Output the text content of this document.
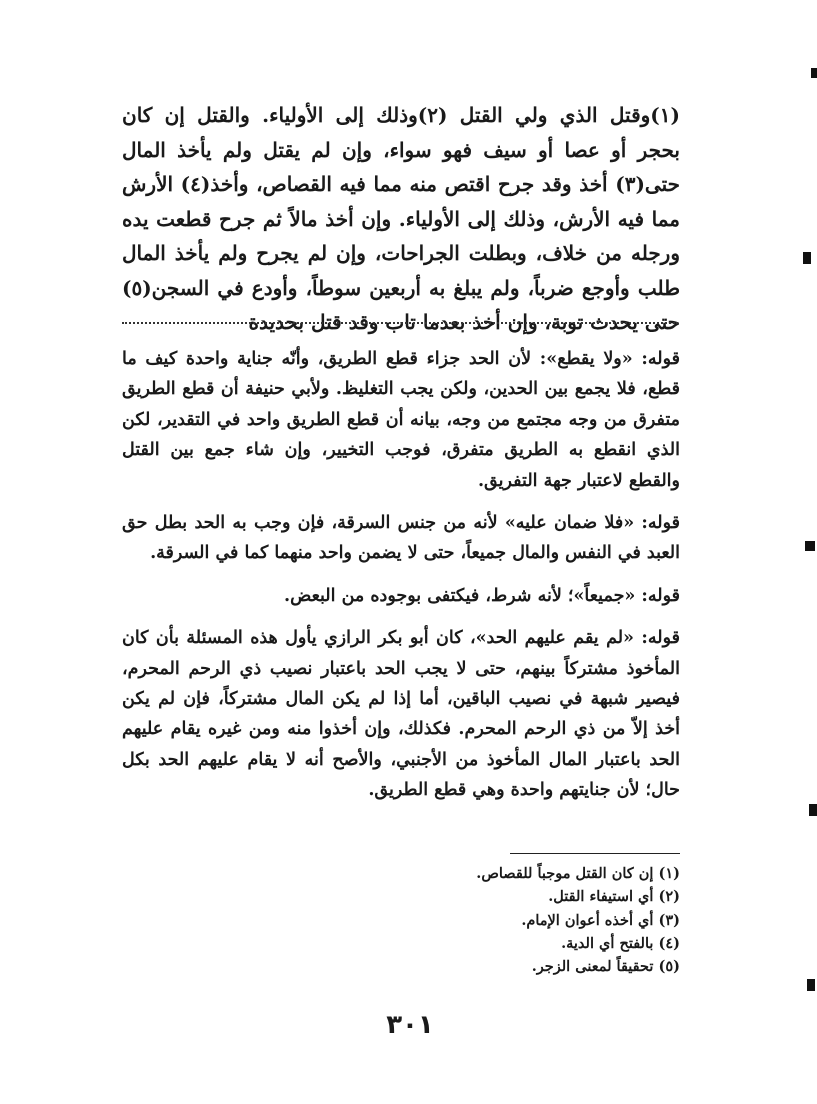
(١)وقتل الذي ولي القتل (٢)وذلك إلى الأولياء. والقتل إن كان بحجر أو عصا أو سيف فهو سواء، وإن لم يقتل ولم يأخذ المال حتى(٣) أخذ وقد جرح اقتص منه مما فيه القصاص، وأخذ(٤) الأرش مما فيه الأرش، وذلك إلى الأولياء. وإن أخذ مالاً ثم جرح قطعت يده ورجله من خلاف، وبطلت الجراحات، وإن لم يجرح ولم يأخذ المال طلب وأوجع ضرباً، ولم يبلغ به أربعين سوطاً، وأودع في السجن(٥) حتى يحدث توبة، وإن أخذ بعدما تاب وقد قتل بحديدة

قوله: «ولا يقطع»: لأن الحد جزاء قطع الطريق، وأنّه جناية واحدة كيف ما قطع، فلا يجمع بين الحدين، ولكن يجب التغليظ. ولأبي حنيفة أن قطع الطريق متفرق من وجه مجتمع من وجه، بيانه أن قطع الطريق واحد في التقدير، لكن الذي انقطع به الطريق متفرق، فوجب التخيير، وإن شاء جمع بين القتل والقطع لاعتبار جهة التفريق.

قوله: «فلا ضمان عليه» لأنه من جنس السرقة، فإن وجب به الحد بطل حق العبد في النفس والمال جميعاً، حتى لا يضمن واحد منهما كما في السرقة.

قوله: «جميعاً»؛ لأنه شرط، فيكتفى بوجوده من البعض.

قوله: «لم يقم عليهم الحد»، كان أبو بكر الرازي يأول هذه المسئلة بأن كان المأخوذ مشتركاً بينهم، حتى لا يجب الحد باعتبار نصيب ذي الرحم المحرم، فيصير شبهة في نصيب الباقين، أما إذا لم يكن المال مشتركاً، فإن لم يكن أخذ إلاّ من ذي الرحم المحرم. فكذلك، وإن أخذوا منه ومن غيره يقام عليهم الحد باعتبار المال المأخوذ من الأجنبي، والأصح أنه لا يقام عليهم الحد بكل حال؛ لأن جنايتهم واحدة وهي قطع الطريق.

(١) إن كان القتل موجباً للقصاص.
(٢) أي استيفاء القتل.
(٣) أي أخذه أعوان الإمام.
(٤) بالفتح أي الدية.
(٥) تحقيقاً لمعنى الزجر.
٣٠١
